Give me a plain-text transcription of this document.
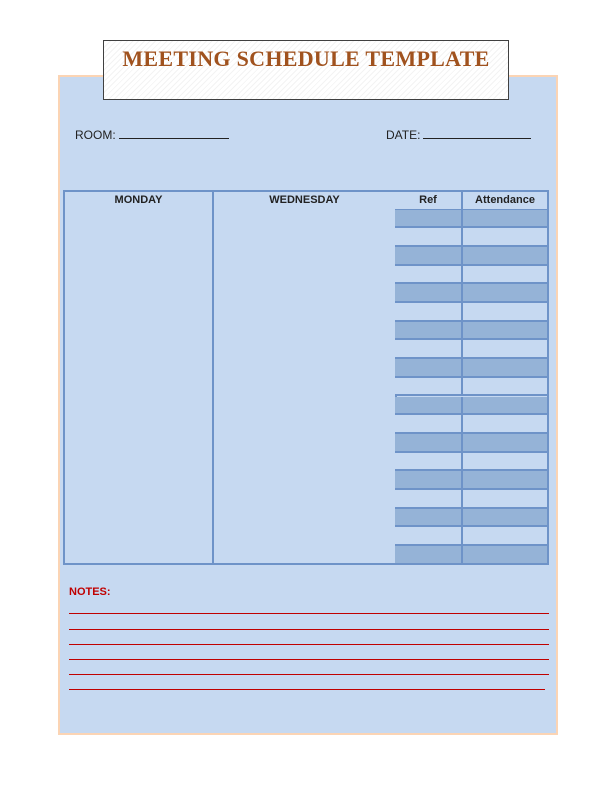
MEETING SCHEDULE TEMPLATE
ROOM:	DATE:
MONDAY	WEDNESDAY	Ref	Attendance
NOTES:
